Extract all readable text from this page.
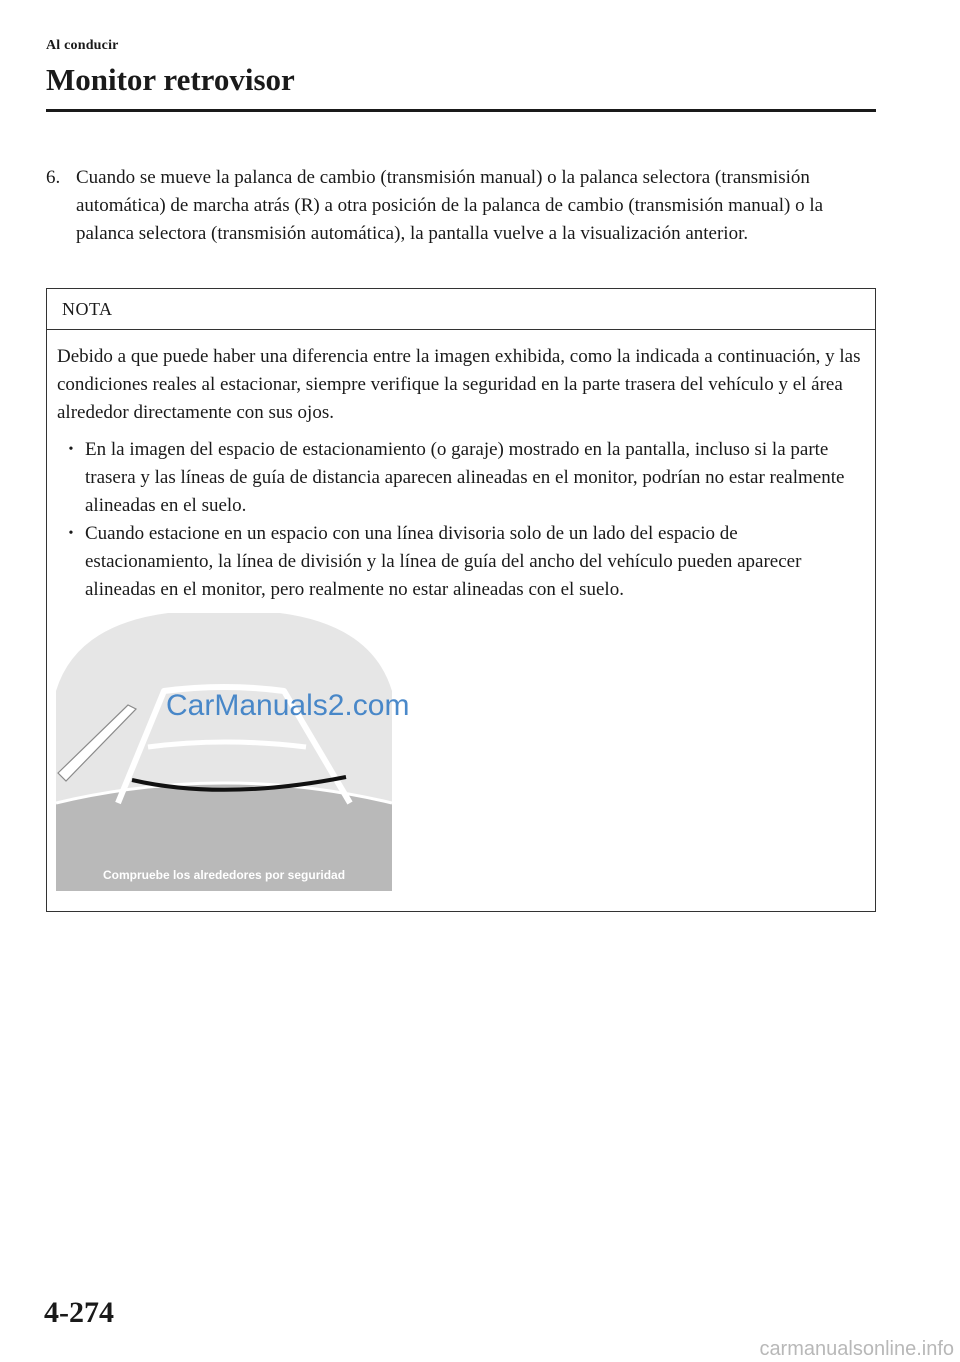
Al conducir
Monitor retrovisor
6. Cuando se mueve la palanca de cambio (transmisión manual) o la palanca selectora (transmisión automática) de marcha atrás (R) a otra posición de la palanca de cambio (transmisión manual) o la palanca selectora (transmisión automática), la pantalla vuelve a la visualización anterior.
NOTA

Debido a que puede haber una diferencia entre la imagen exhibida, como la indicada a continuación, y las condiciones reales al estacionar, siempre verifique la seguridad en la parte trasera del vehículo y el área alrededor directamente con sus ojos.

• En la imagen del espacio de estacionamiento (o garaje) mostrado en la pantalla, incluso si la parte trasera y las líneas de guía de distancia aparecen alineadas en el monitor, podrían no estar realmente alineadas en el suelo.
• Cuando estacione en un espacio con una línea divisoria solo de un lado del espacio de estacionamiento, la línea de división y la línea de guía del ancho del vehículo pueden aparecer alineadas en el monitor, pero realmente no estar alineadas con el suelo.
Compruebe los alrededores por seguridad
CarManuals2.com
4-274
carmanualsonline.info
